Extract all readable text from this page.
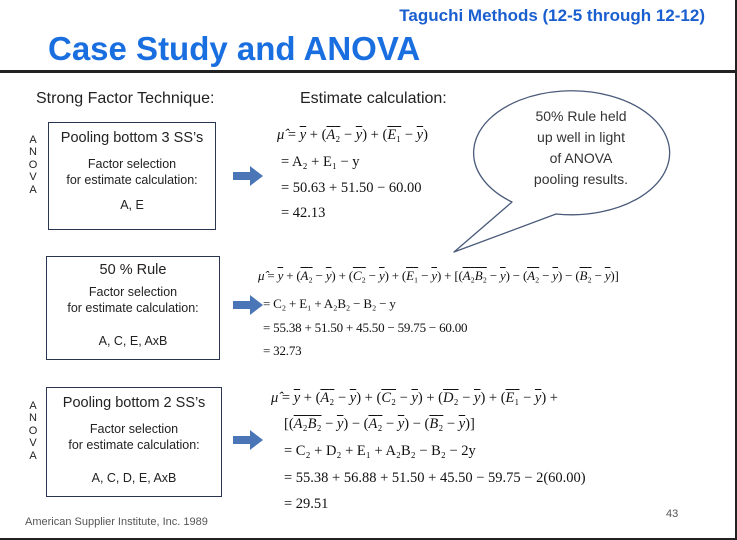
Taguchi Methods (12-5 through 12-12)
Case Study and ANOVA
Strong Factor Technique:	Estimate calculation:
A
N
O
V
A
A
N
O
V
A
Pooling bottom 3 SS’s
Factor selection
for estimate calculation:
A, E
50 % Rule
Factor selection
for estimate calculation:
A, C, E, AxB
Pooling bottom 2 SS’s
Factor selection
for estimate calculation:
A, C, D, E, AxB
μ̂ = $\overline{y} + (A_2 - \overline{y}) + (E_1 - \overline{y})$
= A₂ + E₁ − y
= 50.63 + 51.50 − 60.00
= 42.13
μ̂ = $\overline{y} + (A_2 - \overline{y}) + (C_2 - \overline{y}) + (E_1 - \overline{y}) + [(A_2B_2 - \overline{y}) - (A_2 - \overline{y}) - (B_2 - \overline{y})]$
= C₂ + E₁ + A₂B₂ − B₂ − y
= 55.38 + 51.50 + 45.50 − 59.75 − 60.00
= 32.73
μ̂ = $\overline{y} + (A_2 - \overline{y}) + (C_2 - \overline{y}) + (D_2 - \overline{y}) + (E_1 - \overline{y})$ +
$[(A_2B_2 - \overline{y}) - (A_2 - \overline{y}) - (B_2 - \overline{y})]$
= C₂ + D₂ + E₁ + A₂B₂ − B₂ − 2y
= 55.38 + 56.88 + 51.50 + 45.50 − 59.75 − 2(60.00)
= 29.51
50% Rule held
up well in light
of ANOVA
pooling results.
American Supplier Institute, Inc. 1989
43
